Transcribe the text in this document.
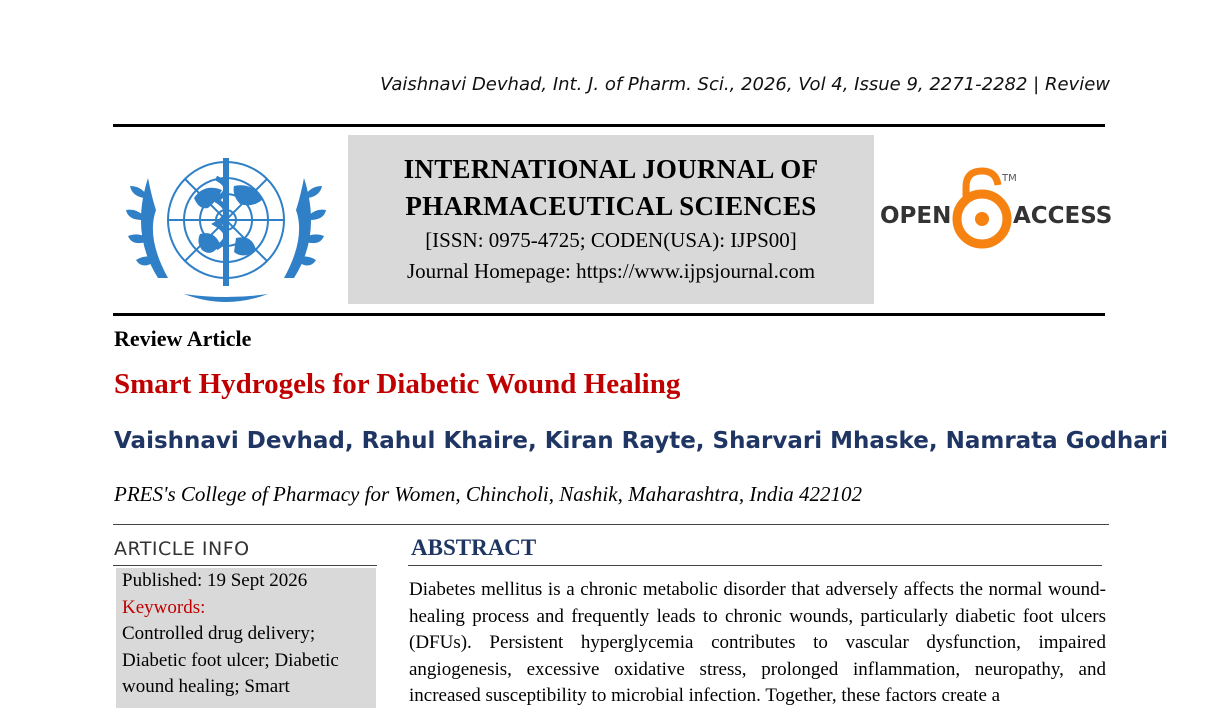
Vaishnavi Devhad, Int. J. of Pharm. Sci., 2026, Vol 4, Issue 9, 2271-2282 | Review
INTERNATIONAL JOURNAL OF
PHARMACEUTICAL SCIENCES
[ISSN: 0975-4725; CODEN(USA): IJPS00]
Journal Homepage: https://www.ijpsjournal.com
OPEN
TM
ACCESS
Review Article
Smart Hydrogels for Diabetic Wound Healing
Vaishnavi Devhad, Rahul Khaire, Kiran Rayte, Sharvari Mhaske, Namrata Godhari
PRES's College of Pharmacy for Women, Chincholi, Nashik, Maharashtra, India 422102
ARTICLE INFO
Published: 19 Sept 2026
Keywords:
Controlled drug delivery;
Diabetic foot ulcer; Diabetic
wound healing; Smart
ABSTRACT
Diabetes mellitus is a chronic metabolic disorder that adversely affects the normal wound-healing process and frequently leads to chronic wounds, particularly diabetic foot ulcers (DFUs). Persistent hyperglycemia contributes to vascular dysfunction, impaired angiogenesis, excessive oxidative stress, prolonged inflammation, neuropathy, and increased susceptibility to microbial infection. Together, these factors create a
